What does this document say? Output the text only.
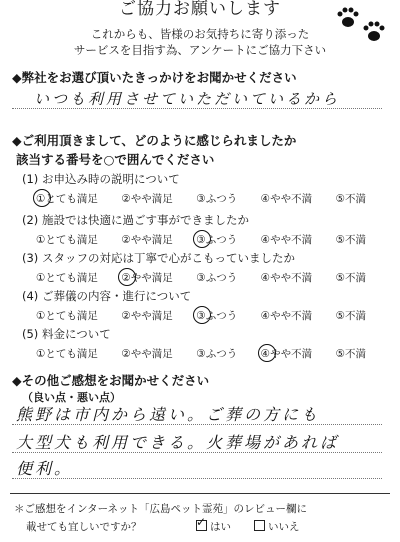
ご協力お願いします
これからも、皆様のお気持ちに寄り添った
サービスを目指す為、アンケートにご協力下さい
◆弊社をお選び頂いたきっかけをお聞かせください
いつも利用させていただいているから
◆ご利用頂きまして、どのように感じられましたか
該当する番号を○で囲んでください
(1) お申込み時の説明について
①とても満足 ②やや満足 ③ふつう ④やや不満 ⑤不満
(2) 施設では快適に過ごす事ができましたか
①とても満足 ②やや満足 ③ふつう ④やや不満 ⑤不満
(3) スタッフの対応は丁寧で心がこもっていましたか
①とても満足 ②やや満足 ③ふつう ④やや不満 ⑤不満
(4) ご葬儀の内容・進行について
①とても満足 ②やや満足 ③ふつう ④やや不満 ⑤不満
(5) 料金について
①とても満足 ②やや満足 ③ふつう ④やや不満 ⑤不満
◆その他ご感想をお聞かせください
（良い点・悪い点）
熊野は市内から遠い。ご葬の方にも
大型犬も利用できる。火葬場があれば
便利。
＊ご感想をインターネット「広島ペット霊苑」のレビュー欄に
載せても宜しいですか？
✓	はい	いいえ
